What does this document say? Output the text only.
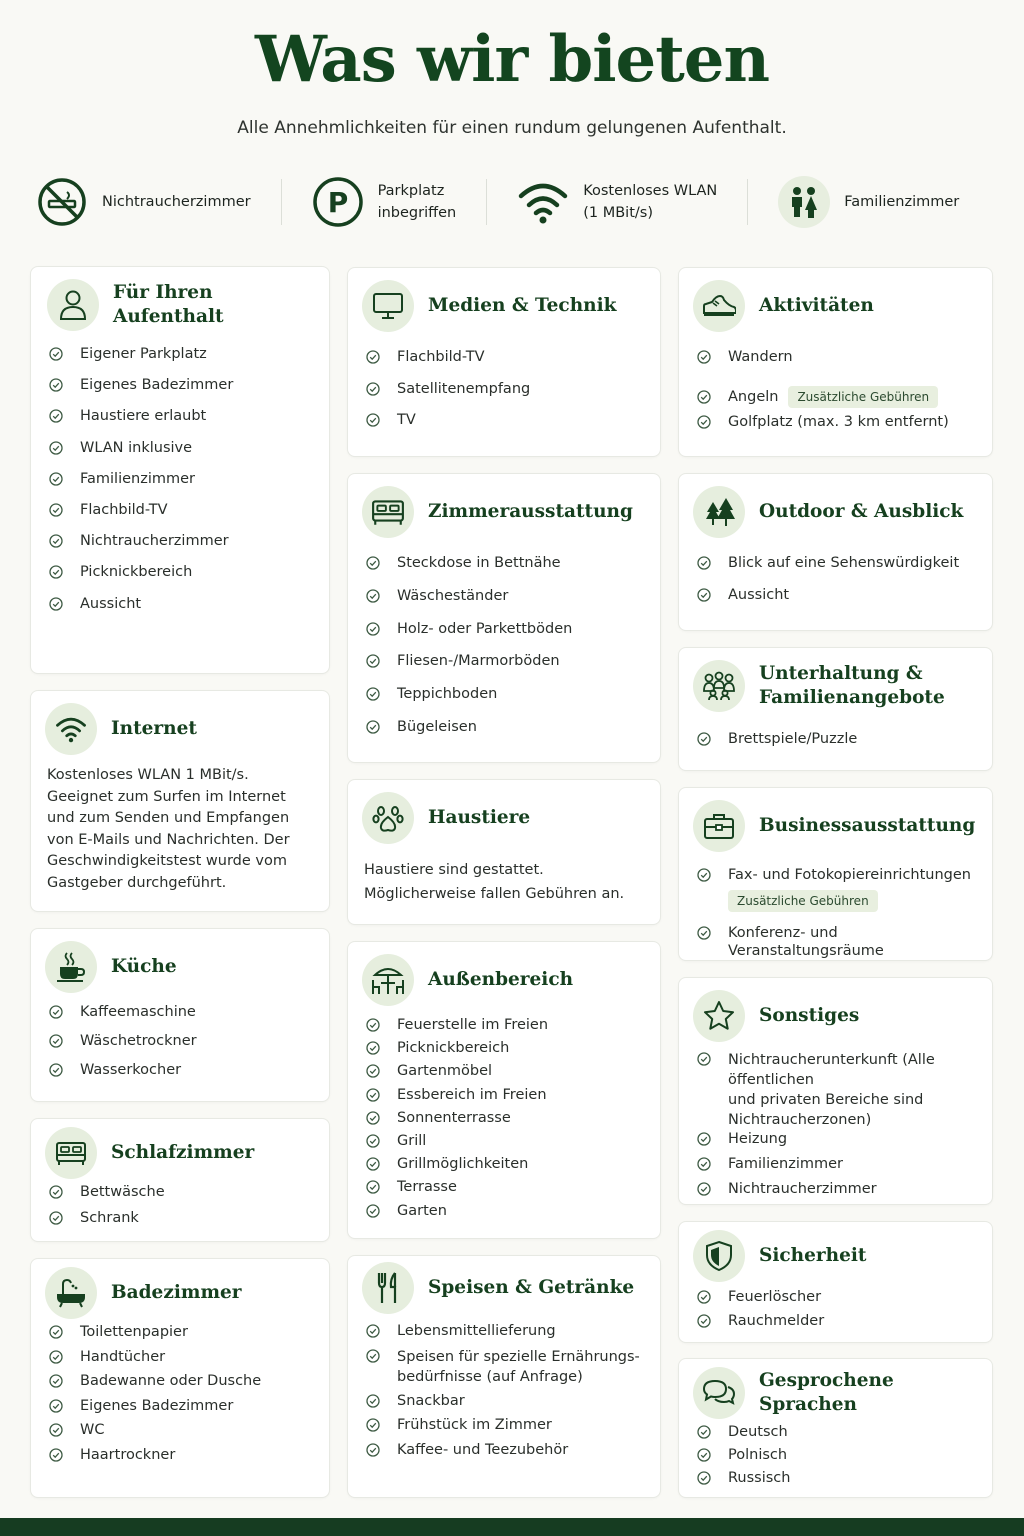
Was wir bieten
Alle Annehmlichkeiten für einen rundum gelungenen Aufenthalt.
Nichtraucherzimmer	P Parkplatz
inbegriffen
Kostenloses WLAN
(1 MBit/s)
Familienzimmer
Für Ihren Aufenthalt
Eigener Parkplatz
Eigenes Badezimmer
Haustiere erlaubt
WLAN inklusive
Familienzimmer
Flachbild-TV
Nichtraucherzimmer
Picknickbereich
Aussicht
Internet
Kostenloses WLAN 1 MBit/s.
Geeignet zum Surfen im Internet
und zum Senden und Empfangen
von E-Mails und Nachrichten. Der
Geschwindigkeitstest wurde vom
Gastgeber durchgeführt.
Küche
Kaffeemaschine
Wäschetrockner
Wasserkocher
Schlafzimmer
Bettwäsche
Schrank
Badezimmer
Toilettenpapier
Handtücher
Badewanne oder Dusche
Eigenes Badezimmer
WC
Haartrockner
Medien & Technik
Flachbild-TV
Satellitenempfang
TV
Zimmerausstattung
Steckdose in Bettnähe
Wäscheständer
Holz- oder Parkettböden
Fliesen-/Marmorböden
Teppichboden
Bügeleisen
Haustiere
Haustiere sind gestattet.
Möglicherweise fallen Gebühren an.
Außenbereich
Feuerstelle im Freien
Picknickbereich
Gartenmöbel
Essbereich im Freien
Sonnenterrasse
Grill
Grillmöglichkeiten
Terrasse
Garten
Speisen & Getränke
Lebensmittellieferung
Speisen für spezielle Ernährungs-
bedürfnisse (auf Anfrage)
Snackbar
Frühstück im Zimmer
Kaffee- und Teezubehör
Aktivitäten
Wandern
Angeln Zusätzliche Gebühren
Golfplatz (max. 3 km entfernt)
Outdoor & Ausblick
Blick auf eine Sehenswürdigkeit
Aussicht
Unterhaltung &
Familienangebote
Brettspiele/Puzzle
Businessausstattung
Fax- und FotokopiereinrichtungenZusätzliche Gebühren
Konferenz- und Veranstaltungsräume
Sonstiges
Nichtraucherunterkunft (Alle öffentlichen
und privaten Bereiche sind
Nichtraucherzonen)
Heizung
Familienzimmer
Nichtraucherzimmer
Sicherheit
Feuerlöscher
Rauchmelder
Gesprochene Sprachen
Deutsch
Polnisch
Russisch
